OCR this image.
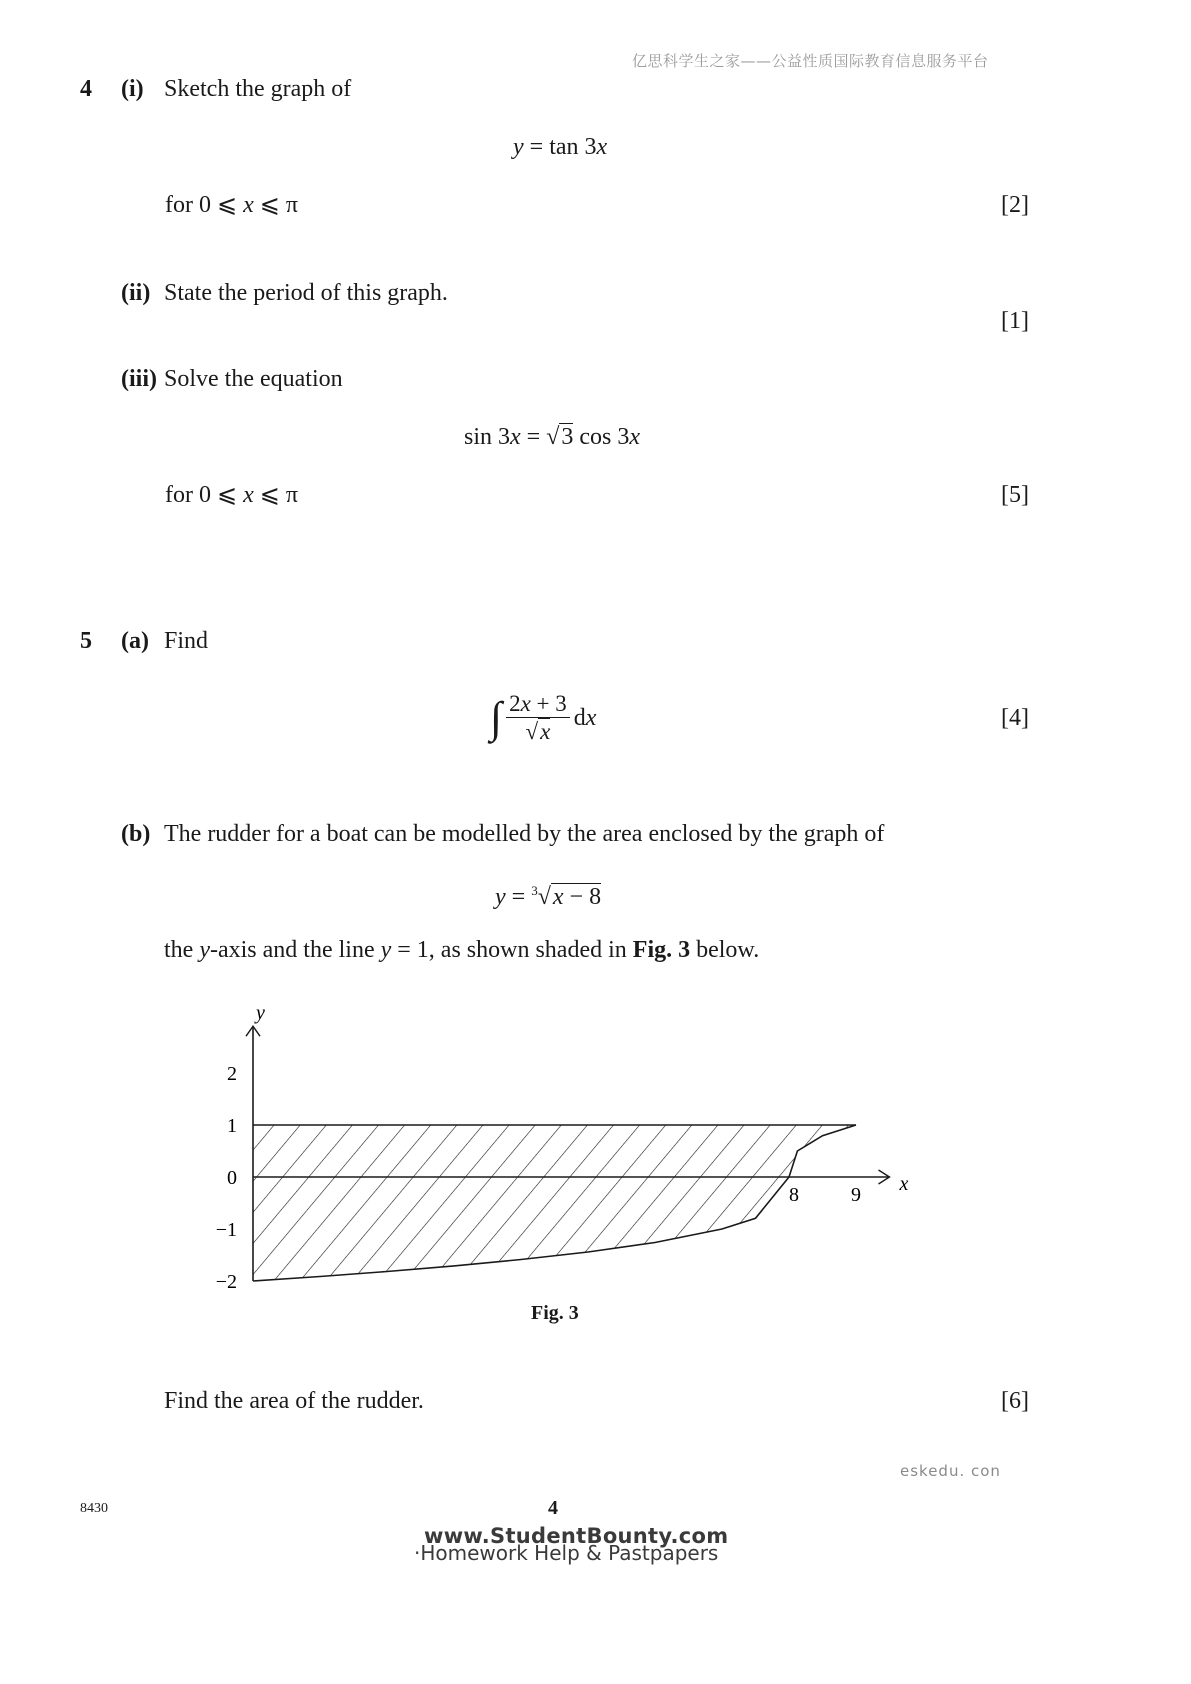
亿思科学生之家——公益性质国际教育信息服务平台
4 (i) Sketch the graph of
y = tan 3x
for 0 ⩽ x ⩽ π	[2]
(ii) State the period of this graph.
[1]
(iii) Solve the equation
sin 3x = √3 cos 3x
for 0 ⩽ x ⩽ π	[5]
5 (a) Find
∫ $\frac{2x + 3}{√x}$ dx	[4]
(b) The rudder for a boat can be modelled by the area enclosed by the graph of
y = $^3$√x − 8
the y-axis and the line y = 1, as shown shaded in Fig. 3 below.
y
x
2
1
0
−1
−2
8	9
Fig. 3
Find the area of the rudder.	[6]
eskedu. con
8430	4
www.StudentBounty.com
·Homework Help & Pastpapers
